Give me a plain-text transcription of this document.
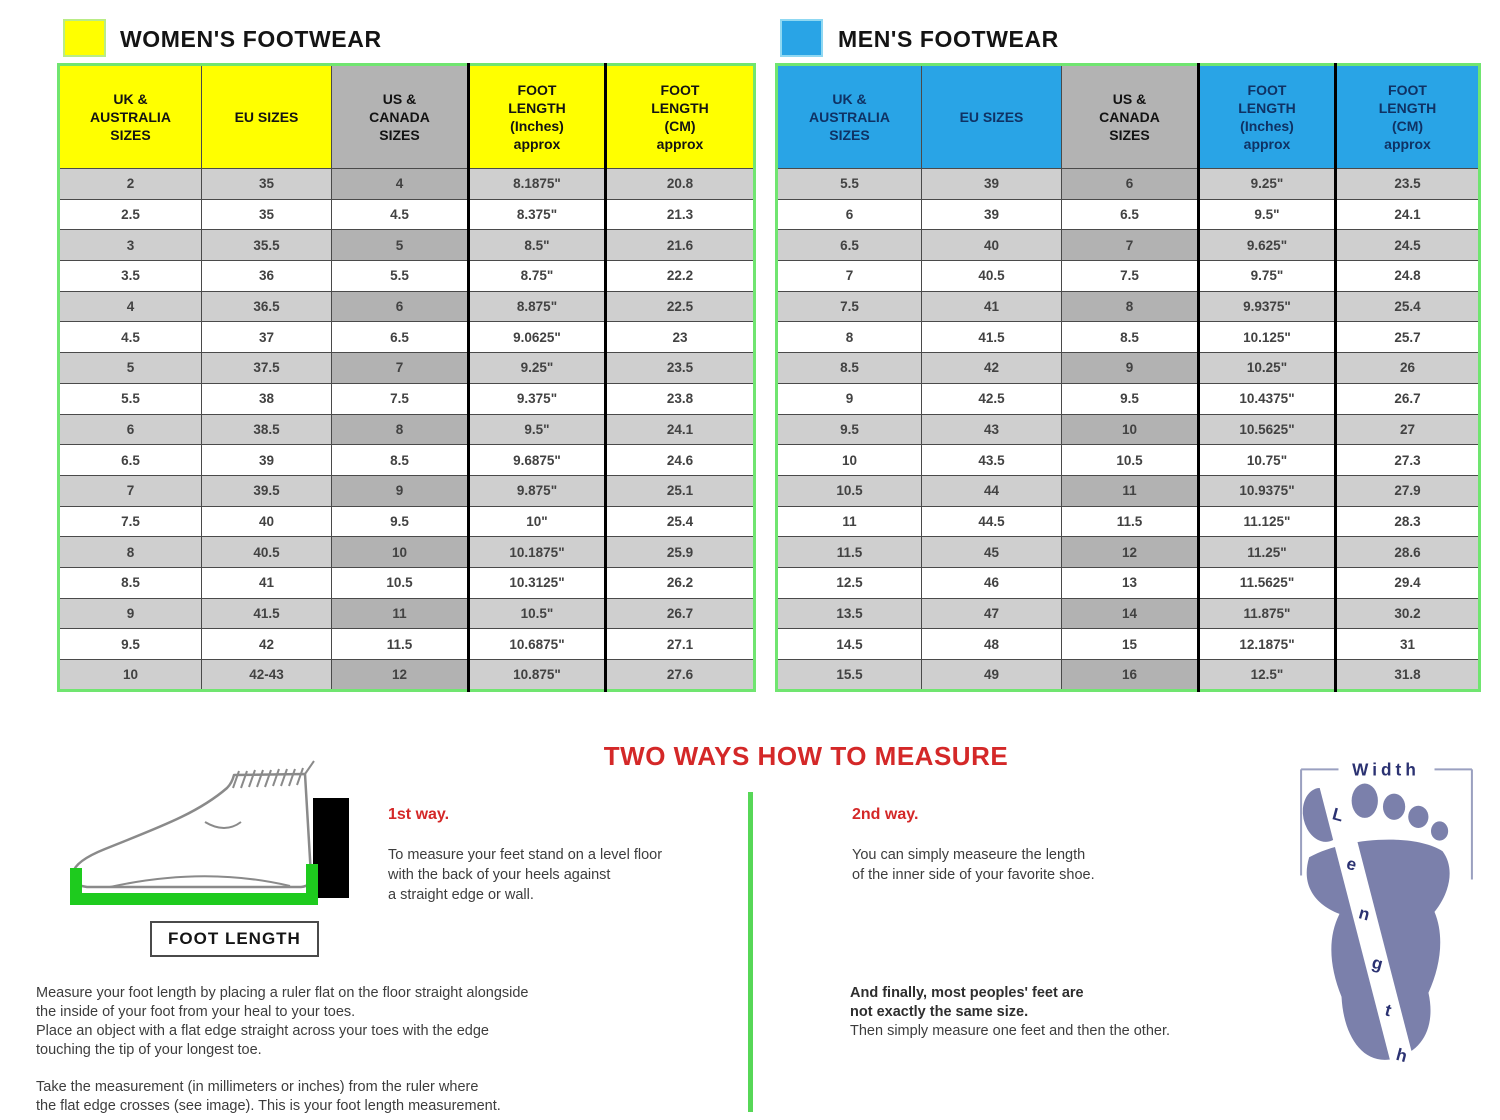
WOMEN'S FOOTWEAR	MEN'S FOOTWEAR
UK &
AUSTRALIA
SIZES	EU SIZES	US &
CANADA
SIZES	FOOT
LENGTH
(Inches)
approx	FOOT
LENGTH
(CM)
approx
2	35	4	8.1875"	20.8
2.5	35	4.5	8.375"	21.3
3	35.5	5	8.5"	21.6
3.5	36	5.5	8.75"	22.2
4	36.5	6	8.875"	22.5
4.5	37	6.5	9.0625"	23
5	37.5	7	9.25"	23.5
5.5	38	7.5	9.375"	23.8
6	38.5	8	9.5"	24.1
6.5	39	8.5	9.6875"	24.6
7	39.5	9	9.875"	25.1
7.5	40	9.5	10"	25.4
8	40.5	10	10.1875"	25.9
8.5	41	10.5	10.3125"	26.2
9	41.5	11	10.5"	26.7
9.5	42	11.5	10.6875"	27.1
10	42-43	12	10.875"	27.6
UK &
AUSTRALIA
SIZES	EU SIZES	US &
CANADA
SIZES	FOOT
LENGTH
(Inches)
approx	FOOT
LENGTH
(CM)
approx
5.5	39	6	9.25"	23.5
6	39	6.5	9.5"	24.1
6.5	40	7	9.625"	24.5
7	40.5	7.5	9.75"	24.8
7.5	41	8	9.9375"	25.4
8	41.5	8.5	10.125"	25.7
8.5	42	9	10.25"	26
9	42.5	9.5	10.4375"	26.7
9.5	43	10	10.5625"	27
10	43.5	10.5	10.75"	27.3
10.5	44	11	10.9375"	27.9
11	44.5	11.5	11.125"	28.3
11.5	45	12	11.25"	28.6
12.5	46	13	11.5625"	29.4
13.5	47	14	11.875"	30.2
14.5	48	15	12.1875"	31
15.5	49	16	12.5"	31.8
TWO WAYS HOW TO MEASURE
FOOT LENGTH
1st way.
To measure your feet stand on a level floor
with the back of your heels against
a straight edge or wall.
2nd way.
You can simply measeure the length
of the inner side of your favorite shoe.
Measure your foot length by placing a ruler flat on the floor straight alongside
the inside of your foot from your heal to your toes.
Place an object with a flat edge straight across your toes with the edge
touching the tip of your longest toe.
Take the measurement (in millimeters or inches) from the ruler where
the flat edge crosses (see image). This is your foot length measurement.
And finally, most peoples' feet are
not exactly the same size.
Then simply measure one feet and then the other.
Width
L
e
n
g
t
h
